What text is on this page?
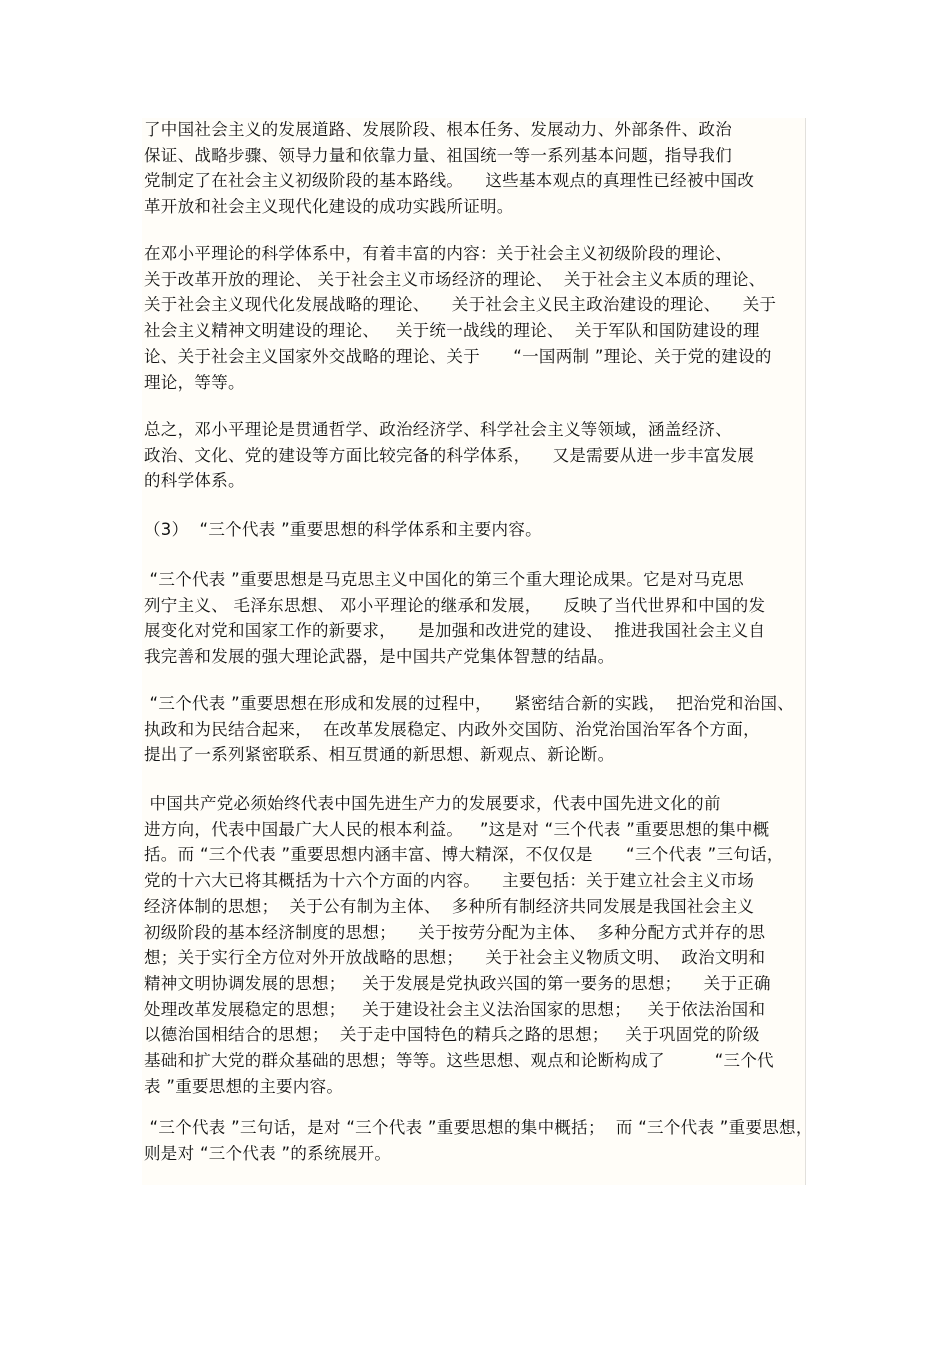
了中国社会主义的发展道路、发展阶段、根本任务、发展动力、外部条件、政治
保证、战略步骤、领导力量和依靠力量、祖国统一等一系列基本问题，指导我们
党制定了在社会主义初级阶段的基本路线。    这些基本观点的真理性已经被中国改
革开放和社会主义现代化建设的成功实践所证明。
在邓小平理论的科学体系中，有着丰富的内容：关于社会主义初级阶段的理论、
关于改革开放的理论、 关于社会主义市场经济的理论、  关于社会主义本质的理论、
关于社会主义现代化发展战略的理论、    关于社会主义民主政治建设的理论、    关于
社会主义精神文明建设的理论、   关于统一战线的理论、  关于军队和国防建设的理
论、关于社会主义国家外交战略的理论、关于      “一国两制 ”理论、关于党的建设的
理论，等等。
总之，邓小平理论是贯通哲学、政治经济学、科学社会主义等领域，涵盖经济、
政治、文化、党的建设等方面比较完备的科学体系，    又是需要从进一步丰富发展
的科学体系。
（3）  “三个代表 ”重要思想的科学体系和主要内容。
“三个代表 ”重要思想是马克思主义中国化的第三个重大理论成果。它是对马克思
列宁主义、 毛泽东思想、 邓小平理论的继承和发展，    反映了当代世界和中国的发
展变化对党和国家工作的新要求，    是加强和改进党的建设、  推进我国社会主义自
我完善和发展的强大理论武器，是中国共产党集体智慧的结晶。
“三个代表 ”重要思想在形成和发展的过程中，    紧密结合新的实践，  把治党和治国、
执政和为民结合起来，  在改革发展稳定、内政外交国防、治党治国治军各个方面，
提出了一系列紧密联系、相互贯通的新思想、新观点、新论断。
中国共产党必须始终代表中国先进生产力的发展要求，代表中国先进文化的前
进方向，代表中国最广大人民的根本利益。   ”这是对 “三个代表 ”重要思想的集中概
括。而 “三个代表 ”重要思想内涵丰富、博大精深，不仅仅是      “三个代表 ”三句话，
党的十六大已将其概括为十六个方面的内容。    主要包括：关于建立社会主义市场
经济体制的思想；  关于公有制为主体、  多种所有制经济共同发展是我国社会主义
初级阶段的基本经济制度的思想；    关于按劳分配为主体、  多种分配方式并存的思
想；关于实行全方位对外开放战略的思想；    关于社会主义物质文明、  政治文明和
精神文明协调发展的思想；   关于发展是党执政兴国的第一要务的思想；    关于正确
处理改革发展稳定的思想；   关于建设社会主义法治国家的思想；   关于依法治国和
以德治国相结合的思想；  关于走中国特色的精兵之路的思想；   关于巩固党的阶级
基础和扩大党的群众基础的思想；等等。这些思想、观点和论断构成了         “三个代
表 ”重要思想的主要内容。
“三个代表 ”三句话，是对 “三个代表 ”重要思想的集中概括；  而 “三个代表 ”重要思想，
则是对 “三个代表 ”的系统展开。
